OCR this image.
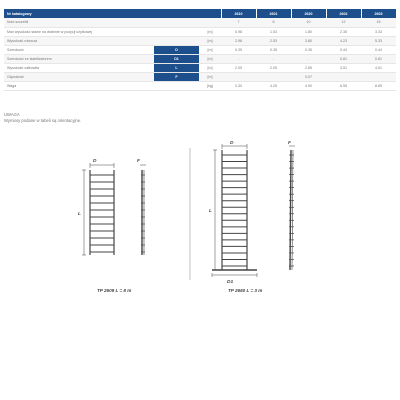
Nr katalogowy			2610	2601	2620	2602	2603
Ilość szczebli			7	8	10	12	15
Max wysokość stanie na drabinie w pozycji użytkowej		[m]	0.98	1.53	1.80	2.35	3.33
Wysokość robocza		[m]	2.98	2.53	3.80	4.23	5.33
Szerokość	D	[m]	0.35	0.35	0.35	0.44	0.44
Szerokość ze stabilizatorem	D1	[m]	-	-	-	0.81	0.81
Wysokość całkowita	L	[m]	2.05	2.05	2.85	3.51	4.51
Głębokość	F	[m]			0.07		
Waga		[kg]	3.30	4.25	4.90	6.55	8.85
UWAGA
Wymiary podane w tabeli są orientacyjne.
D
L
F
TP 2609 L = 8 m
D
L
D1
F
TP 2660 L = 3 m
